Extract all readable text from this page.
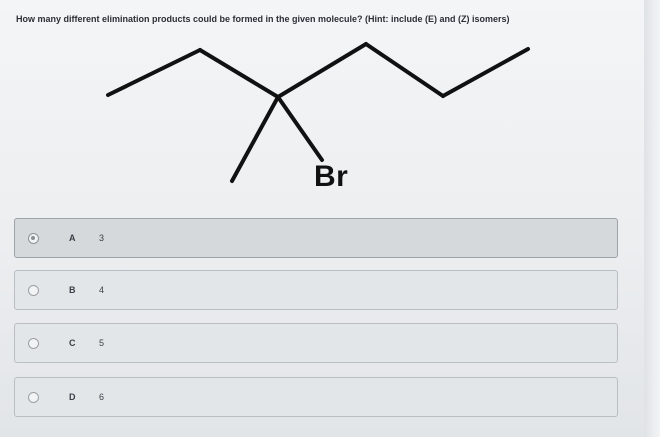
How many different elimination products could be formed in the given molecule? (Hint: include (E) and (Z) isomers)
Br
A	3
B	4
C	5
D	6
